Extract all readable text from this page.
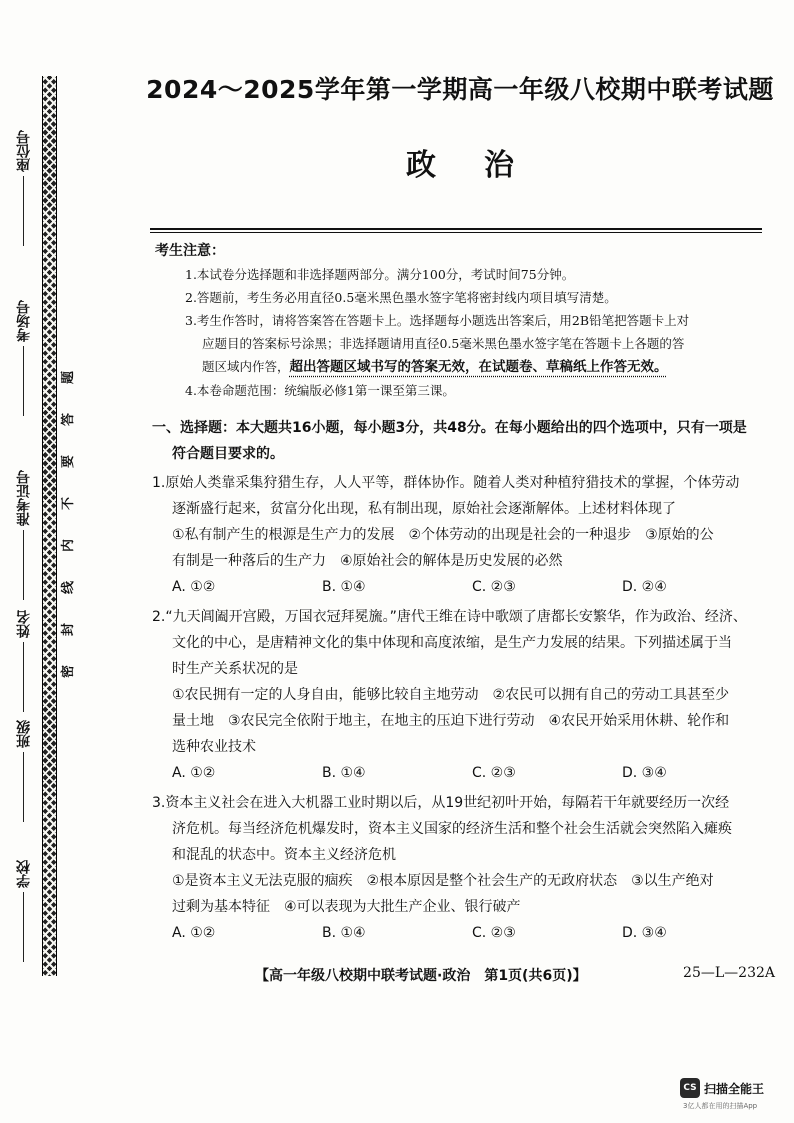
座位号
考场号
准考证号
姓名
班级
学校
题
答
要
不
内
线
封
密
2024～2025学年第一学期高一年级八校期中联考试题
政 治
考生注意：
1.本试卷分选择题和非选择题两部分。满分100分，考试时间75分钟。
2.答题前，考生务必用直径0.5毫米黑色墨水签字笔将密封线内项目填写清楚。
3.考生作答时，请将答案答在答题卡上。选择题每小题选出答案后，用2B铅笔把答题卡上对
应题目的答案标号涂黑；非选择题请用直径0.5毫米黑色墨水签字笔在答题卡上各题的答
题区域内作答，超出答题区域书写的答案无效，在试题卷、草稿纸上作答无效。
4.本卷命题范围：统编版必修1第一课至第三课。
一、选择题：本大题共16小题，每小题3分，共48分。在每小题给出的四个选项中，只有一项是
符合题目要求的。

1.原始人类靠采集狩猎生存，人人平等，群体协作。随着人类对种植狩猎技术的掌握，个体劳动
逐渐盛行起来，贫富分化出现，私有制出现，原始社会逐渐解体。上述材料体现了

①私有制产生的根源是生产力的发展　②个体劳动的出现是社会的一种退步　③原始的公
有制是一种落后的生产力　④原始社会的解体是历史发展的必然

A. ①②	B. ①④	C. ②③	D. ②④

2.“九天阊阖开宫殿，万国衣冠拜冕旒。”唐代王维在诗中歌颂了唐都长安繁华，作为政治、经济、
文化的中心，是唐精神文化的集中体现和高度浓缩，是生产力发展的结果。下列描述属于当
时生产关系状况的是

①农民拥有一定的人身自由，能够比较自主地劳动　②农民可以拥有自己的劳动工具甚至少
量土地　③农民完全依附于地主，在地主的压迫下进行劳动　④农民开始采用休耕、轮作和
选种农业技术

A. ①②	B. ①④	C. ②③	D. ③④

3.资本主义社会在进入大机器工业时期以后，从19世纪初叶开始，每隔若干年就要经历一次经
济危机。每当经济危机爆发时，资本主义国家的经济生活和整个社会生活就会突然陷入瘫痪
和混乱的状态中。资本主义经济危机

①是资本主义无法克服的痼疾　②根本原因是整个社会生产的无政府状态　③以生产绝对
过剩为基本特征　④可以表现为大批生产企业、银行破产

A. ①②	B. ①④	C. ②③	D. ③④
【高一年级八校期中联考试题·政治　第1页(共6页)】	25—L—232A
CS 扫描全能王
3亿人都在用的扫描App
